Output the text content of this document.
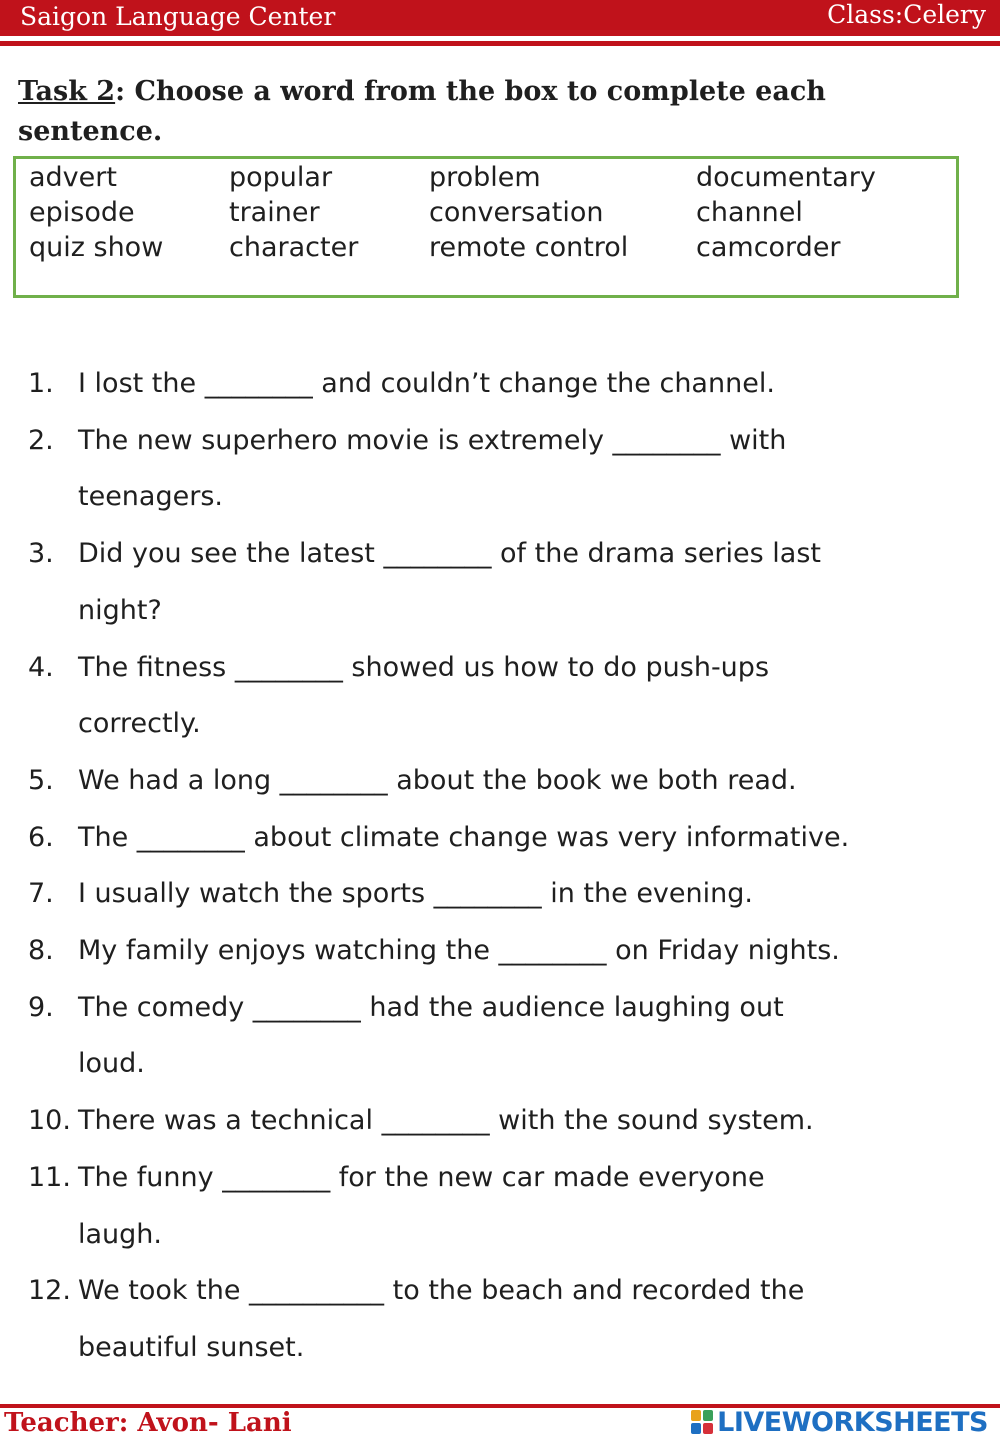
Saigon Language Center	Class:Celery
Task 2: Choose a word from the box to complete each sentence.
advert
episode
quiz show
popular
trainer
character
problem
conversation
remote control
documentary
channel
camcorder
1. I lost the ________ and couldn’t change the channel.
2. The new superhero movie is extremely ________ with
teenagers.
3. Did you see the latest ________ of the drama series last
night?
4. The fitness ________ showed us how to do push-ups
correctly.
5. We had a long ________ about the book we both read.
6. The ________ about climate change was very informative.
7. I usually watch the sports ________ in the evening.
8. My family enjoys watching the ________ on Friday nights.
9. The comedy ________ had the audience laughing out
loud.
10. There was a technical ________ with the sound system.
11. The funny ________ for the new car made everyone
laugh.
12. We took the __________ to the beach and recorded the
beautiful sunset.
Teacher: Avon- Lani	LIVEWORKSHEETS
